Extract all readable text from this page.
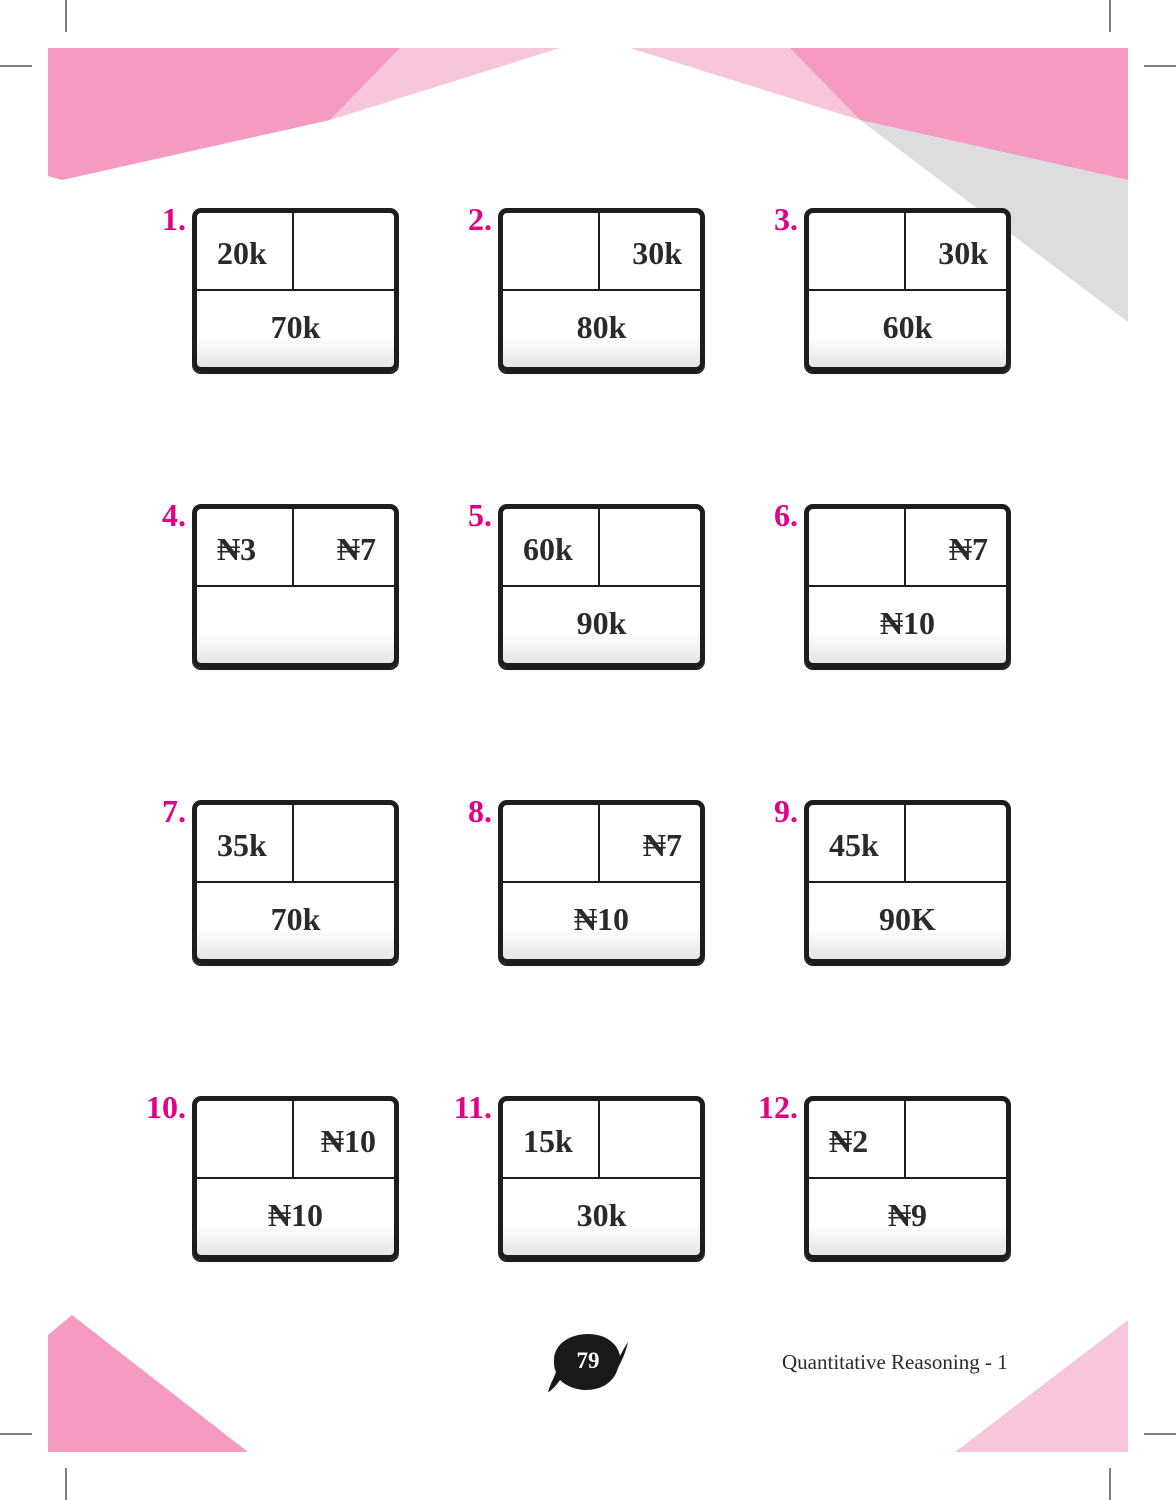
1.
20k
70k
2.
30k
80k
3.
30k
60k
4.
₦3	₦7
5.
60k
90k
6.
₦7
₦10
7.
35k
70k
8.
₦7
₦10
9.
45k
90K
10.
₦10
₦10
11.
15k
30k
12.
₦2
₦9
79	Quantitative Reasoning - 1
